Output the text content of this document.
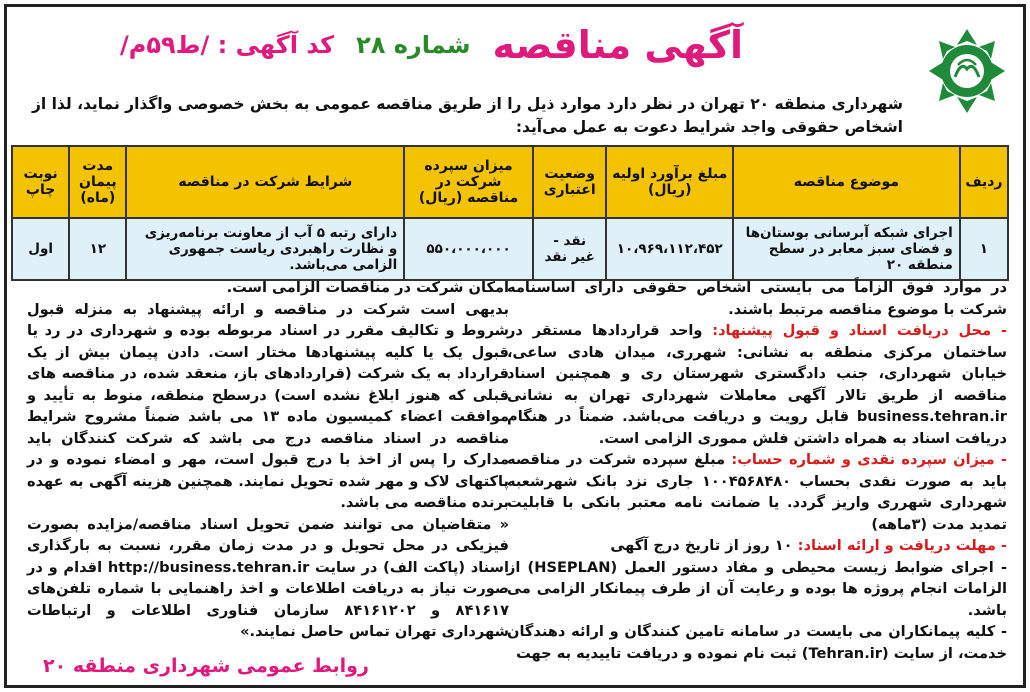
آگهی مناقصه
شماره ۲۸
کد آگهی : /ط۵۹م/
شهرداری منطقه ۲۰ تهران در نظر دارد موارد ذیل را از طریق مناقصه عمومی به بخش خصوصی واگذار نماید، لذا از اشخاص حقوقی واجد شرایط دعوت به عمل می‌آید:
ردیف	موضوع مناقصه	مبلغ برآورد اولیه (ریال)	وضعیت اعتباری	میزان سپرده شرکت در مناقصه (ریال)	شرایط شرکت در مناقصه	مدت پیمان (ماه)	نوبت چاپ
۱	اجرای شبکه آبرسانی بوستان‌ها و فضای سبز معابر در سطح منطقه ۲۰	۱۰،۹۶۹،۱۱۲،۴۵۲	نقد - غیر نقد	۵۵۰،۰۰۰،۰۰۰	دارای رتبه ۵ آب از معاونت برنامه‌ریزی و نظارت راهبردی ریاست جمهوری الزامی می‌باشد.	۱۲	اول

در موارد فوق الزاماً می بایستی اشخاص حقوقی دارای اساسنامه شرکت با موضوع مناقصه مرتبط باشند.

- محل دریافت اسناد و قبول پیشنهاد: واحد قراردادها مستقر در ساختمان مرکزی منطقه به نشانی: شهرری، میدان هادی ساعی، خیابان شهرداری، جنب دادگستری شهرستان ری و همچنین اسناد مناقصه از طریق تالار آگهی معاملات شهرداری تهران به نشانی business.tehran.ir قابل رویت و دریافت می‌باشد. ضمناً در هنگام دریافت اسناد به همراه داشتن فلش مموری الزامی است.

- میزان سپرده نقدی و شماره حساب: مبلغ سپرده شرکت در مناقصه باید به صورت نقدی بحساب ۱۰۰۴۵۶۸۴۸۰ جاری نزد بانک شهرشعبه شهرداری شهرری واریز گردد. یا ضمانت نامه معتبر بانکی با قابلیت تمدید مدت (۳ماهه)

- مهلت دریافت و ارائه اسناد: ۱۰ روز از تاریخ درج آگهی

- اجرای ضوابط زیست محیطی و مفاد دستور العمل (HSEPLAN) از الزامات انجام پروژه ها بوده و رعایت آن از طرف پیمانکار الزامی می باشد.

- کلیه پیمانکاران می بایست در سامانه تامین کنندگان و ارائه دهندگان خدمت، از سایت (Tehran.ir) ثبت نام نموده و دریافت تاییدیه به جهت

امکان شرکت در مناقصات الزامی است.

بدیهی است شرکت در مناقصه و ارائه پیشنهاد به منزله قبول شروط و تکالیف مقرر در اسناد مربوطه بوده و شهرداری در رد یا قبول یک یا کلیه پیشنهادها مختار است. دادن پیمان بیش از یک قرارداد به یک شرکت (قراردادهای باز، منعقد شده، در مناقصه های قبلی که هنوز ابلاغ نشده است) درسطح منطقه، منوط به تأیید و موافقت اعضاء کمیسیون ماده ۱۳ می باشد ضمناً مشروح شرایط مناقصه در اسناد مناقصه درج می باشد که شرکت کنندگان باید مدارک را پس از اخذ با درج قبول است، مهر و امضاء نموده و در پاکتهای لاک و مهر شده تحویل نمایند. همچنین هزینه آگهی به عهده برنده مناقصه می باشد.

« متقاضیان می توانند ضمن تحویل اسناد مناقصه/مزایده بصورت فیزیکی در محل تحویل و در مدت زمان مقرر، نسبت به بارگذاری اسناد (پاکت الف) در سایت http://business.tehran.ir اقدام و در صورت نیاز به دریافت اطلاعات و اخذ راهنمایی با شماره تلفن‌های ۸۴۱۶۱۷ و ۸۴۱۶۱۲۰۲ سازمان فناوری اطلاعات و ارتباطات شهرداری تهران تماس حاصل نمایند.»

روابط عمومی شهرداری منطقه ۲۰
